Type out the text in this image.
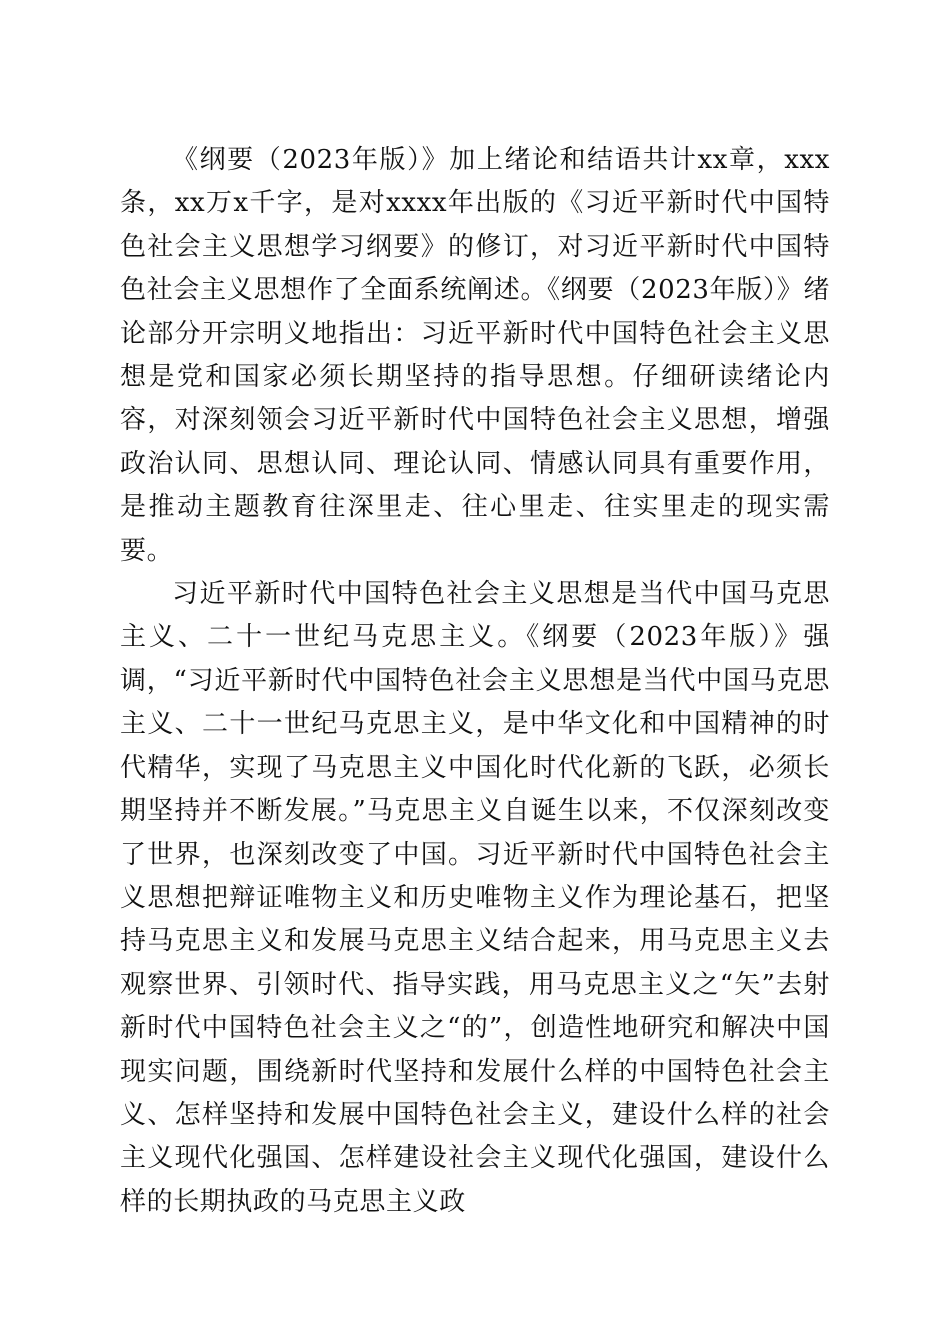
《纲要（2023年版）》加上绪论和结语共计xx章，xxx条，xx万x千字，是对xxxx年出版的《习近平新时代中国特色社会主义思想学习纲要》的修订，对习近平新时代中国特色社会主义思想作了全面系统阐述。《纲要（2023年版）》绪论部分开宗明义地指出：习近平新时代中国特色社会主义思想是党和国家必须长期坚持的指导思想。仔细研读绪论内容，对深刻领会习近平新时代中国特色社会主义思想，增强政治认同、思想认同、理论认同、情感认同具有重要作用，是推动主题教育往深里走、往心里走、往实里走的现实需要。

习近平新时代中国特色社会主义思想是当代中国马克思主义、二十一世纪马克思主义。《纲要（2023年版）》强调，“习近平新时代中国特色社会主义思想是当代中国马克思主义、二十一世纪马克思主义，是中华文化和中国精神的时代精华，实现了马克思主义中国化时代化新的飞跃，必须长期坚持并不断发展。”马克思主义自诞生以来，不仅深刻改变了世界，也深刻改变了中国。习近平新时代中国特色社会主义思想把辩证唯物主义和历史唯物主义作为理论基石，把坚持马克思主义和发展马克思主义结合起来，用马克思主义去观察世界、引领时代、指导实践，用马克思主义之“矢”去射新时代中国特色社会主义之“的”，创造性地研究和解决中国现实问题，围绕新时代坚持和发展什么样的中国特色社会主义、怎样坚持和发展中国特色社会主义，建设什么样的社会主义现代化强国、怎样建设社会主义现代化强国，建设什么样的长期执政的马克思主义政
